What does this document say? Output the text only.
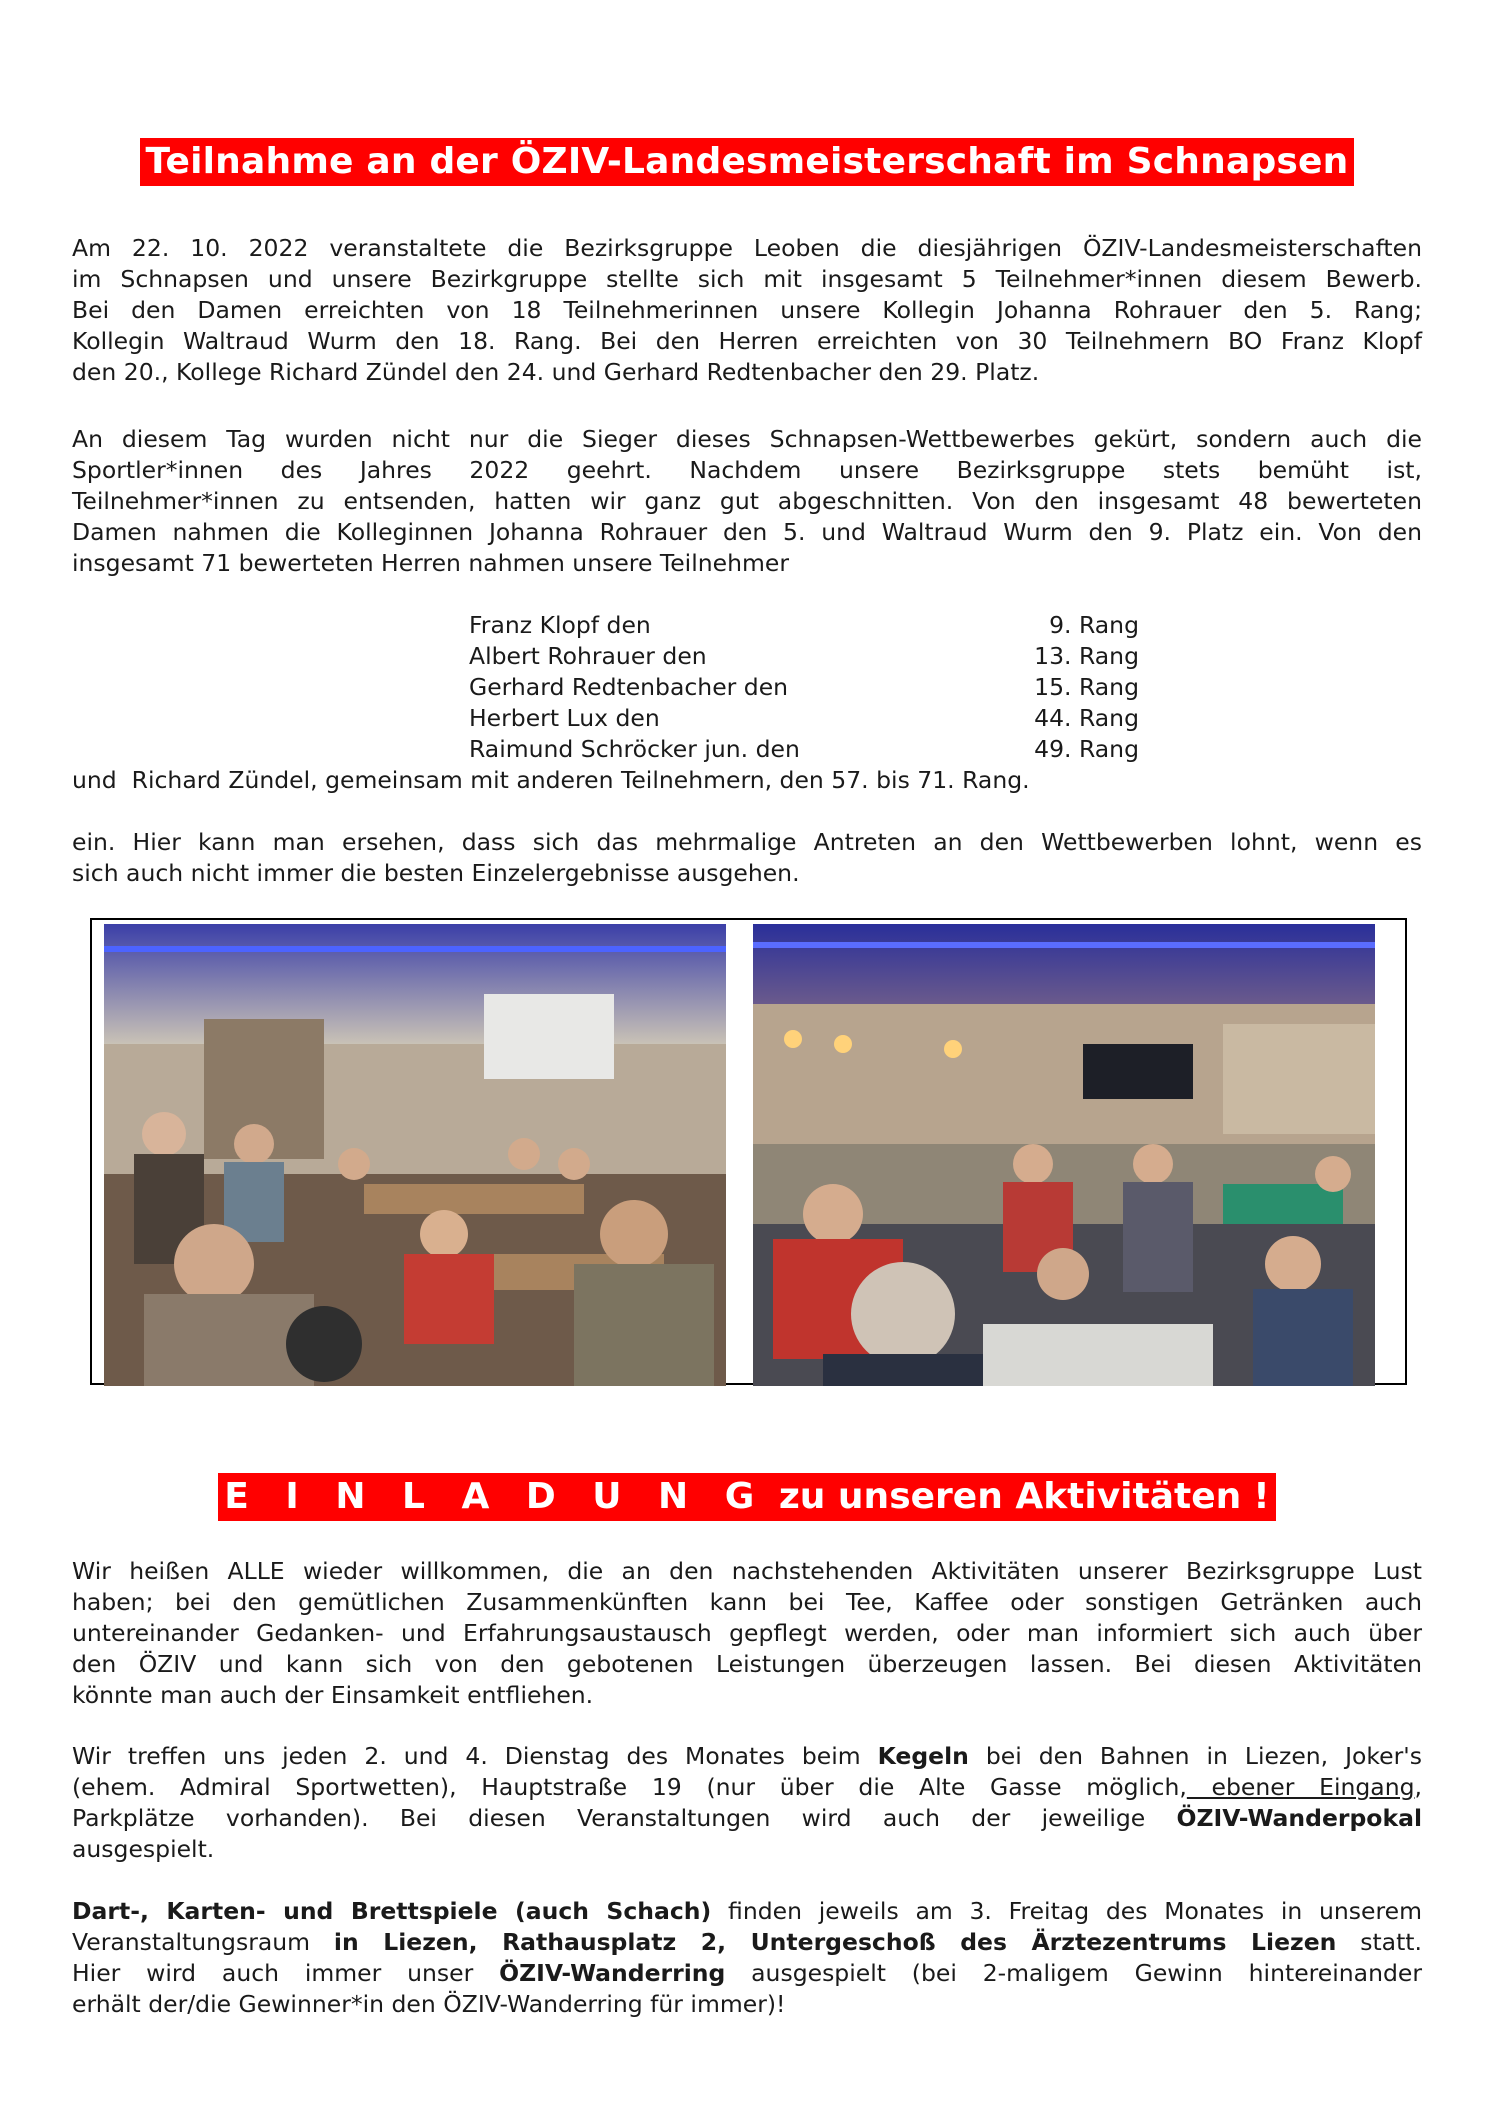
Teilnahme an der ÖZIV-Landesmeisterschaft im Schnapsen
Am 22. 10. 2022 veranstaltete die Bezirksgruppe Leoben die diesjährigen ÖZIV-Landesmeisterschaften
im Schnapsen und unsere Bezirkgruppe stellte sich mit insgesamt 5 Teilnehmer*innen diesem Bewerb.
Bei den Damen erreichten von 18 Teilnehmerinnen unsere Kollegin Johanna Rohrauer den 5. Rang;
Kollegin Waltraud Wurm den 18. Rang. Bei den Herren erreichten von 30 Teilnehmern BO Franz Klopf
den 20., Kollege Richard Zündel den 24. und Gerhard Redtenbacher den 29. Platz.
An diesem Tag wurden nicht nur die Sieger dieses Schnapsen-Wettbewerbes gekürt, sondern auch die
Sportler*innen des Jahres 2022 geehrt. Nachdem unsere Bezirksgruppe stets bemüht ist,
Teilnehmer*innen zu entsenden, hatten wir ganz gut abgeschnitten. Von den insgesamt 48 bewerteten
Damen nahmen die Kolleginnen Johanna Rohrauer den 5. und Waltraud Wurm den 9. Platz ein. Von den
insgesamt 71 bewerteten Herren nahmen unsere Teilnehmer
Franz Klopf den	9. Rang
Albert Rohrauer den	13. Rang
Gerhard Redtenbacher den	15. Rang
Herbert Lux den	44. Rang
Raimund Schröcker jun. den	49. Rang
und  Richard Zündel, gemeinsam mit anderen Teilnehmern, den 57. bis 71. Rang.
ein. Hier kann man ersehen, dass sich das mehrmalige Antreten an den Wettbewerben lohnt, wenn es
sich auch nicht immer die besten Einzelergebnisse ausgehen.
E I N L A D U N G zu unseren Aktivitäten !
Wir heißen ALLE wieder willkommen, die an den nachstehenden Aktivitäten unserer Bezirksgruppe Lust
haben; bei den gemütlichen Zusammenkünften kann bei Tee, Kaffee oder sonstigen Getränken auch
untereinander Gedanken- und Erfahrungsaustausch gepflegt werden, oder man informiert sich auch über
den ÖZIV und kann sich von den gebotenen Leistungen überzeugen lassen. Bei diesen Aktivitäten
könnte man auch der Einsamkeit entfliehen.
Wir treffen uns jeden 2. und 4. Dienstag des Monates beim Kegeln bei den Bahnen in Liezen, Joker's
(ehem. Admiral Sportwetten), Hauptstraße 19 (nur über die Alte Gasse möglich, ebener Eingang,
Parkplätze vorhanden). Bei diesen Veranstaltungen wird auch der jeweilige ÖZIV-Wanderpokal
ausgespielt.
Dart-, Karten- und Brettspiele (auch Schach) finden jeweils am 3. Freitag des Monates in unserem
Veranstaltungsraum in Liezen, Rathausplatz 2, Untergeschoß des Ärztezentrums Liezen statt.
Hier wird auch immer unser ÖZIV-Wanderring ausgespielt (bei 2-maligem Gewinn hintereinander
erhält der/die Gewinner*in den ÖZIV-Wanderring für immer)!
